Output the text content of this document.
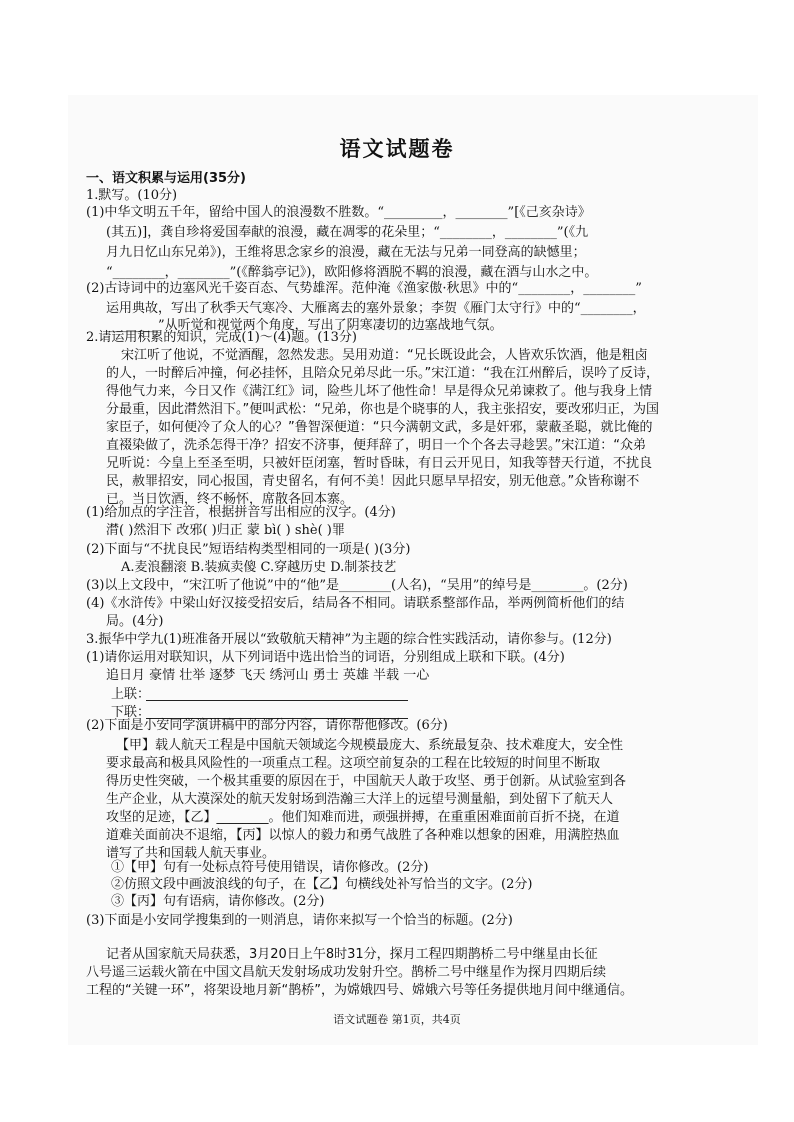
语文试题卷
一、语文积累与运用(35分)
1.默写。(10分)
(1)中华文明五千年，留给中国人的浪漫数不胜数。“_________，________”[《己亥杂诗》
(其五)]，龚自珍将爱国奉献的浪漫，藏在凋零的花朵里；“________，________”(《九
月九日忆山东兄弟》)，王维将思念家乡的浪漫，藏在无法与兄弟一同登高的缺憾里；
“________，________”(《醉翁亭记》)，欧阳修将酒脱不羁的浪漫，藏在酒与山水之中。
(2)古诗词中的边塞风光千姿百态、气势雄浑。范仲淹《渔家傲·秋思》中的“________，________”
运用典故，写出了秋季天气寒冷、大雁离去的塞外景象；李贺《雁门太守行》中的“________，
________”从听觉和视觉两个角度，写出了阴寒凄切的边塞战地气氛。
2.请运用积累的知识，完成(1)～(4)题。(13分)
宋江听了他说，不觉酒醒，忽然发悲。吴用劝道：“兄长既设此会，人皆欢乐饮酒，他是粗卤
的人，一时醉后冲撞，何必挂怀，且陪众兄弟尽此一乐。”宋江道：“我在江州醉后，误吟了反诗，
得他气力来，今日又作《满江红》词，险些儿坏了他性命！早是得众兄弟谏救了。他与我身上情
分最重，因此潸然泪下。”便叫武松：“兄弟，你也是个晓事的人，我主张招安，要改邪归正，为国
家臣子，如何便冷了众人的心？”鲁智深便道：“只今满朝文武，多是奸邪，蒙蔽圣聪，就比俺的
直裰染做了，洗杀怎得干净？招安不济事，便拜辞了，明日一个个各去寻趁罢。”宋江道：“众弟
兄听说：今皇上至圣至明，只被奸臣闭塞，暂时昏昧，有日云开见日，知我等替天行道，不扰良
民，赦罪招安，同心报国，青史留名，有何不美！因此只愿早早招安，别无他意。”众皆称谢不
已。当日饮酒，终不畅怀，席散各回本寨。
(1)给加点的字注音，根据拼音写出相应的汉字。(4分)
潸( )然泪下 改邪( )归正 蒙 bì( ) shè( )罪
(2)下面与“不扰良民”短语结构类型相同的一项是( )(3分)
A.麦浪翻滚 B.装疯卖傻 C.穿越历史 D.制茶技艺
(3)以上文段中，“宋江听了他说”中的“他”是________(人名)，“吴用”的绰号是________。(2分)
(4)《水浒传》中梁山好汉接受招安后，结局各不相同。请联系整部作品，举两例简析他们的结
局。(4分)
3.振华中学九(1)班准备开展以“致敬航天精神”为主题的综合性实践活动，请你参与。(12分)
(1)请你运用对联知识，从下列词语中选出恰当的词语，分别组成上联和下联。(4分)
追日月 豪情 壮举 逐梦 飞天 绣河山 勇士 英雄 半载 一心
上联：
下联：
(2)下面是小安同学演讲稿中的部分内容，请你帮他修改。(6分)
【甲】载人航天工程是中国航天领域迄今规模最庞大、系统最复杂、技术难度大，安全性
要求最高和极具风险性的一项重点工程。这项空前复杂的工程在比较短的时间里不断取
得历史性突破，一个极其重要的原因在于，中国航天人敢于攻坚、勇于创新。从试验室到各
生产企业，从大漠深处的航天发射场到浩瀚三大洋上的远望号测量船，到处留下了航天人
攻坚的足迹，【乙】________。他们知难而进，顽强拼搏，在重重困难面前百折不挠，在道
道难关面前决不退缩，【丙】以惊人的毅力和勇气战胜了各种难以想象的困难，用满腔热血
谱写了共和国载人航天事业。
①【甲】句有一处标点符号使用错误，请你修改。(2分)
②仿照文段中画波浪线的句子，在【乙】句横线处补写恰当的文字。(2分)
③【丙】句有语病，请你修改。(2分)
(3)下面是小安同学搜集到的一则消息，请你来拟写一个恰当的标题。(2分)
记者从国家航天局获悉，3月20日上午8时31分，探月工程四期鹊桥二号中继星由长征
八号遥三运载火箭在中国文昌航天发射场成功发射升空。鹊桥二号中继星作为探月四期后续
工程的“关键一环”，将架设地月新“鹊桥”，为嫦娥四号、嫦娥六号等任务提供地月间中继通信。
语文试题卷 第1页，共4页
